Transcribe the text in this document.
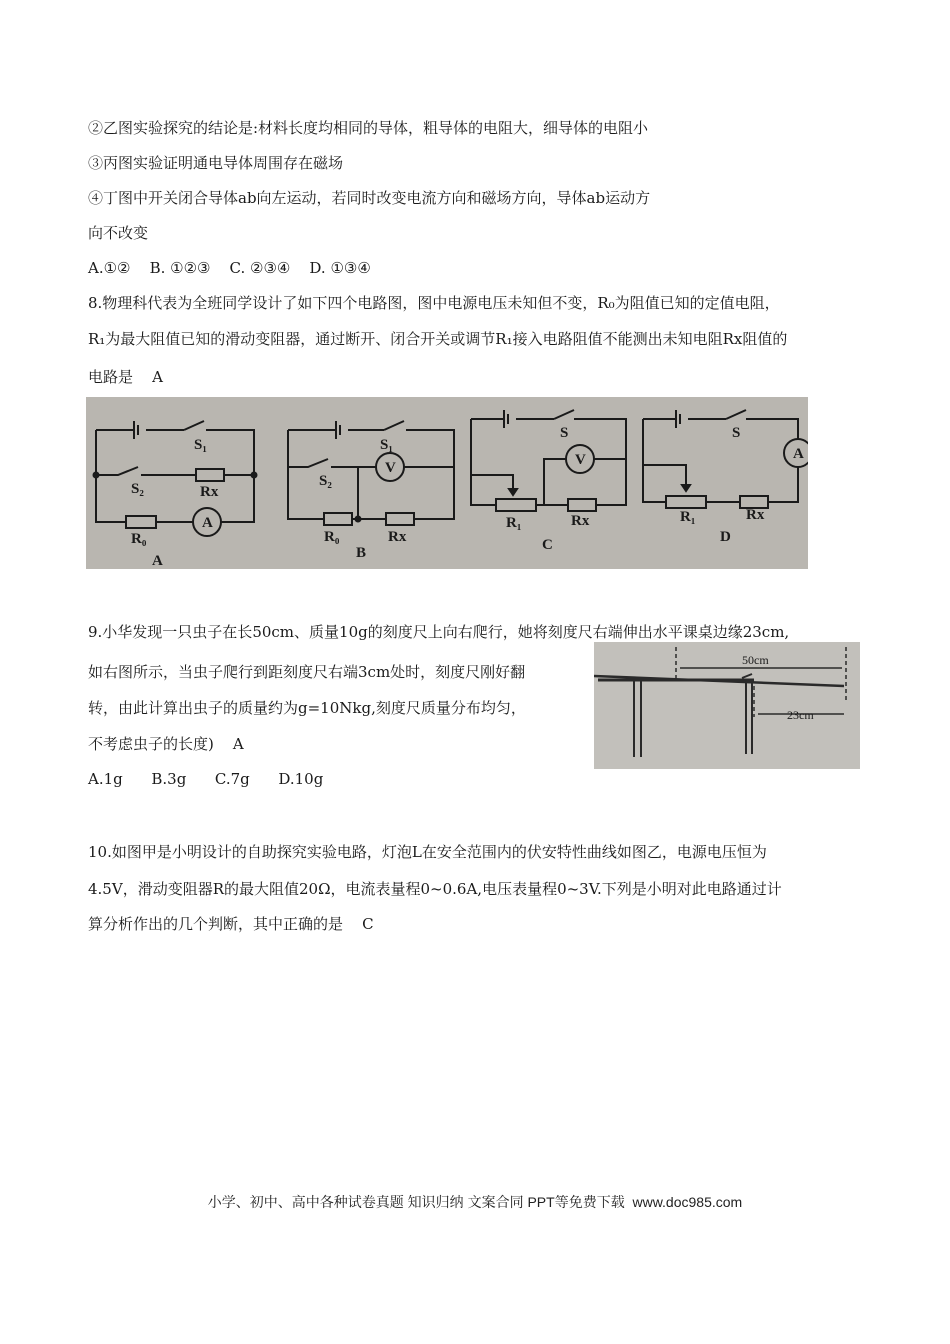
②乙图实验探究的结论是:材料长度均相同的导体，粗导体的电阻大，细导体的电阻小
③丙图实验证明通电导体周围存在磁场
④丁图中开关闭合导体ab向左运动，若同时改变电流方向和磁场方向，导体ab运动方
向不改变
A.①②    B. ①②③    C. ②③④    D. ①③④
8.物理科代表为全班同学设计了如下四个电路图，图中电源电压未知但不变，R₀为阻值已知的定值电阻，
R₁为最大阻值已知的滑动变阻器，通过断开、闭合开关或调节R₁接入电路阻值不能测出未知电阻Rx阻值的
电路是    A
S₁
S₂	Rx
R₀
A
A
S₁
S₂
V
R₀	Rx
B
S
V
R₁	Rx
C
S
A
R₁	Rx
D
9.小华发现一只虫子在长50cm、质量10g的刻度尺上向右爬行，她将刻度尺右端伸出水平课桌边缘23cm,
如右图所示，当虫子爬行到距刻度尺右端3cm处时，刻度尺刚好翻
转，由此计算出虫子的质量约为g=10Nkg,刻度尺质量分布均匀，
不考虑虫子的长度)    A
A.1g      B.3g      C.7g      D.10g
50cm
23cm
10.如图甲是小明设计的自助探究实验电路，灯泡L在安全范围内的伏安特性曲线如图乙，电源电压恒为
4.5V，滑动变阻器R的最大阻值20Ω，电流表量程0~0.6A,电压表量程0~3V.下列是小明对此电路通过计
算分析作出的几个判断，其中正确的是    C
小学、初中、高中各种试卷真题 知识归纳 文案合同 PPT等免费下载  www.doc985.com
